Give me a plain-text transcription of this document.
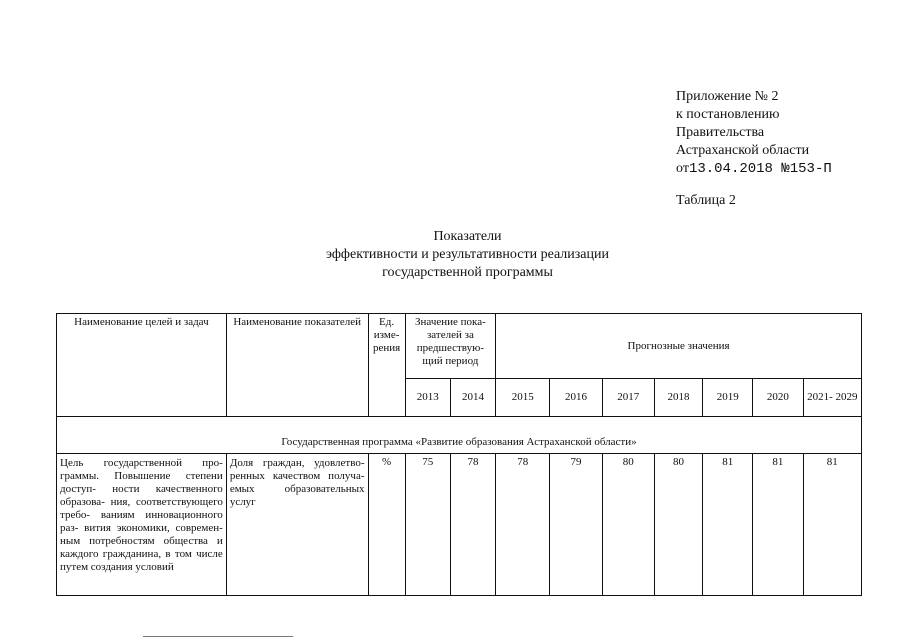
Приложение № 2
к постановлению
Правительства
Астраханской области
от13.04.2018 №153-П
Таблица 2
Показатели
эффективности и результативности реализации
государственной программы
Наименование целей и задач	Наименование показателей	Ед. изме- рения	Значение пока- зателей за предшествую- щий период		Прогнозные значения						
			2013	2014	2015	2016	2017	2018	2019	2020	2021- 2029
Государственная программа «Развитие образования Астраханской области»											
Цель государственной про- граммы. Повышение степени доступ- ности качественного образова- ния, соответствующего требо- ваниям инновационного раз- вития экономики, современ- ным потребностям общества и каждого гражданина, в том числе путем создания условий	Доля граждан, удовлетво- ренных качеством получа- емых образовательных услуг	%	75	78	78	79	80	80	81	81	81
